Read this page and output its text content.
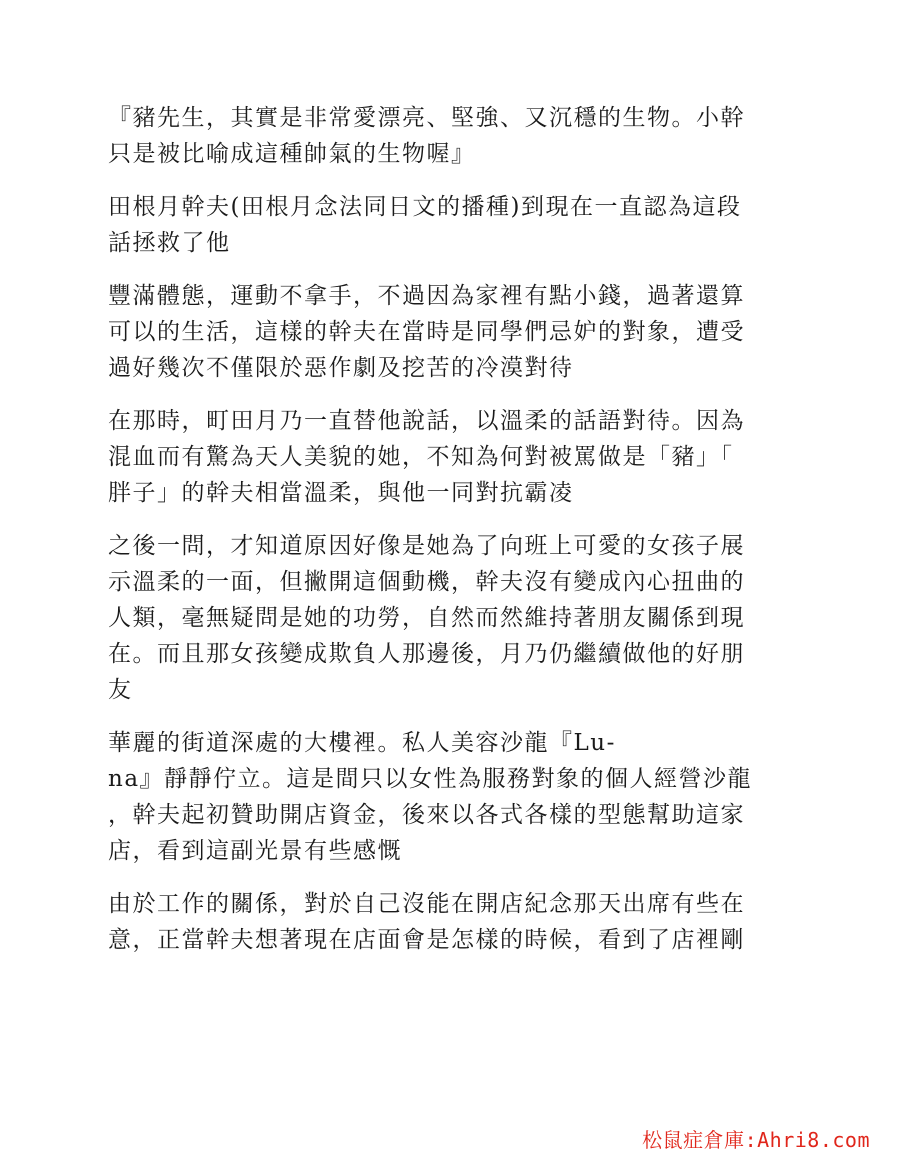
『豬先生，其實是非常愛漂亮、堅強、又沉穩的生物。小幹
只是被比喻成這種帥氣的生物喔』

田根月幹夫(田根月念法同日文的播種)到現在一直認為這段
話拯救了他

豐滿體態，運動不拿手，不過因為家裡有點小錢，過著還算
可以的生活，這樣的幹夫在當時是同學們忌妒的對象，遭受
過好幾次不僅限於惡作劇及挖苦的冷漠對待

在那時，町田月乃一直替他說話，以溫柔的話語對待。因為
混血而有驚為天人美貌的她，不知為何對被罵做是「豬」「
胖子」的幹夫相當溫柔，與他一同對抗霸凌

之後一問，才知道原因好像是她為了向班上可愛的女孩子展
示溫柔的一面，但撇開這個動機，幹夫沒有變成內心扭曲的
人類，毫無疑問是她的功勞，自然而然維持著朋友關係到現
在。而且那女孩變成欺負人那邊後，月乃仍繼續做他的好朋
友

華麗的街道深處的大樓裡。私人美容沙龍『Lu-
na』靜靜佇立。這是間只以女性為服務對象的個人經營沙龍
，幹夫起初贊助開店資金，後來以各式各樣的型態幫助這家
店，看到這副光景有些感慨

由於工作的關係，對於自己沒能在開店紀念那天出席有些在
意，正當幹夫想著現在店面會是怎樣的時候，看到了店裡剛

松鼠症倉庫:Ahri8.com
